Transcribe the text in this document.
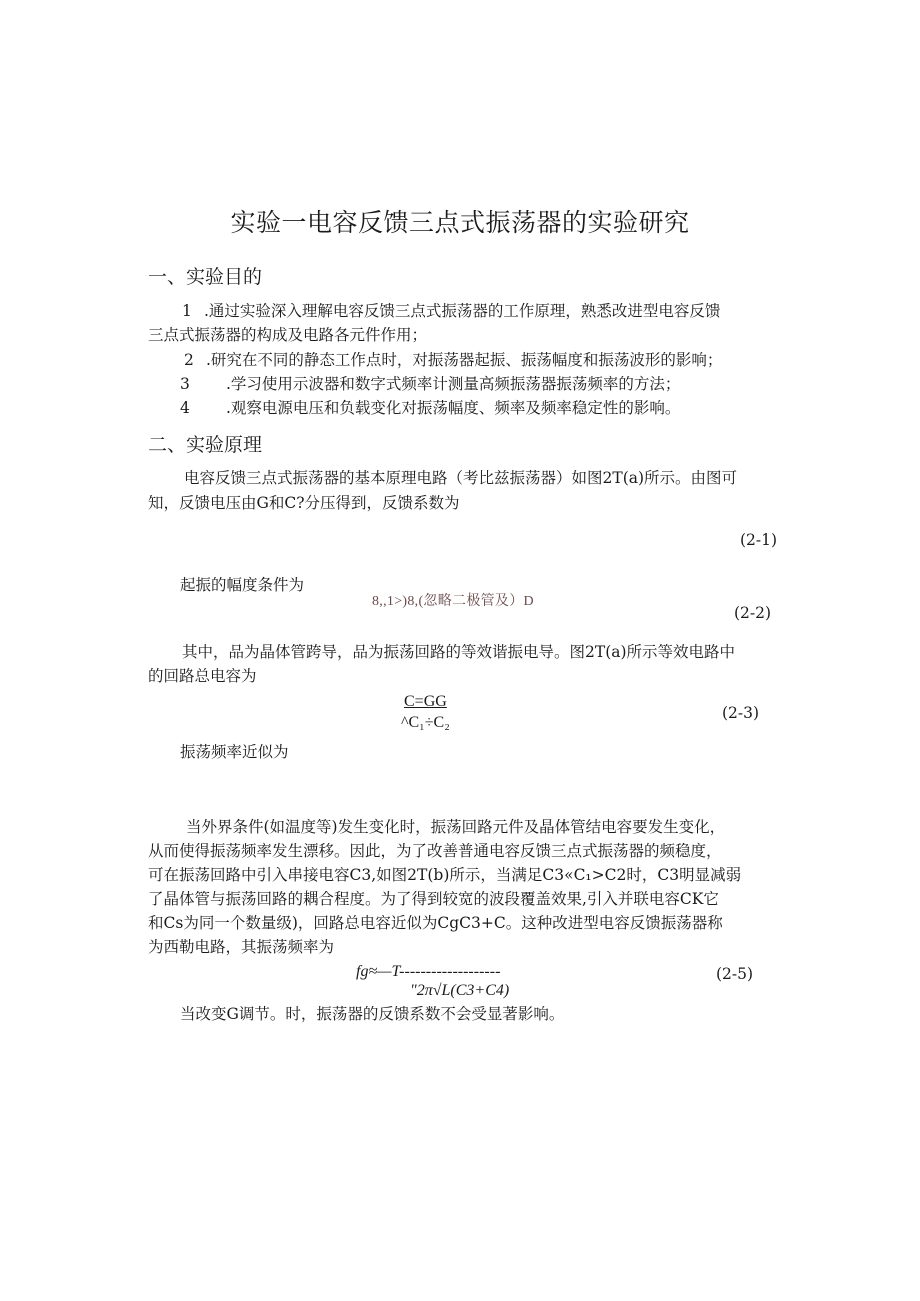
实验一电容反馈三点式振荡器的实验研究
一、实验目的
1 .通过实验深入理解电容反馈三点式振荡器的工作原理，熟悉改进型电容反馈
三点式振荡器的构成及电路各元件作用；
2 .研究在不同的静态工作点时，对振荡器起振、振荡幅度和振荡波形的影响；
3 .学习使用示波器和数字式频率计测量高频振荡器振荡频率的方法；
4 .观察电源电压和负载变化对振荡幅度、频率及频率稳定性的影响。
二、实验原理
电容反馈三点式振荡器的基本原理电路（考比兹振荡器）如图2T(a)所示。由图可
知，反馈电压由G和C?分压得到，反馈系数为
(2-1)
起振的幅度条件为
8,,1>)8,(忽略二极管及）D
(2-2)
其中，品为晶体管跨导，品为振荡回路的等效谐振电导。图2T(a)所示等效电路中
的回路总电容为
C=GG
^C₁÷C₂
(2-3)
振荡频率近似为
当外界条件(如温度等)发生变化时，振荡回路元件及晶体管结电容要发生变化，
从而使得振荡频率发生漂移。因此，为了改善普通电容反馈三点式振荡器的频稳度，
可在振荡回路中引入串接电容C3,如图2T(b)所示，当满足C3«C₁>C2时，C3明显减弱
了晶体管与振荡回路的耦合程度。为了得到较宽的波段覆盖效果,引入并联电容CK它
和Cs为同一个数量级)，回路总电容近似为CgC3+C。这种改进型电容反馈振荡器称
为西勒电路，其振荡频率为
fg≈—T-------------------
"2π√L(C3+C4)
(2-5)
当改变G调节。时，振荡器的反馈系数不会受显著影响。
